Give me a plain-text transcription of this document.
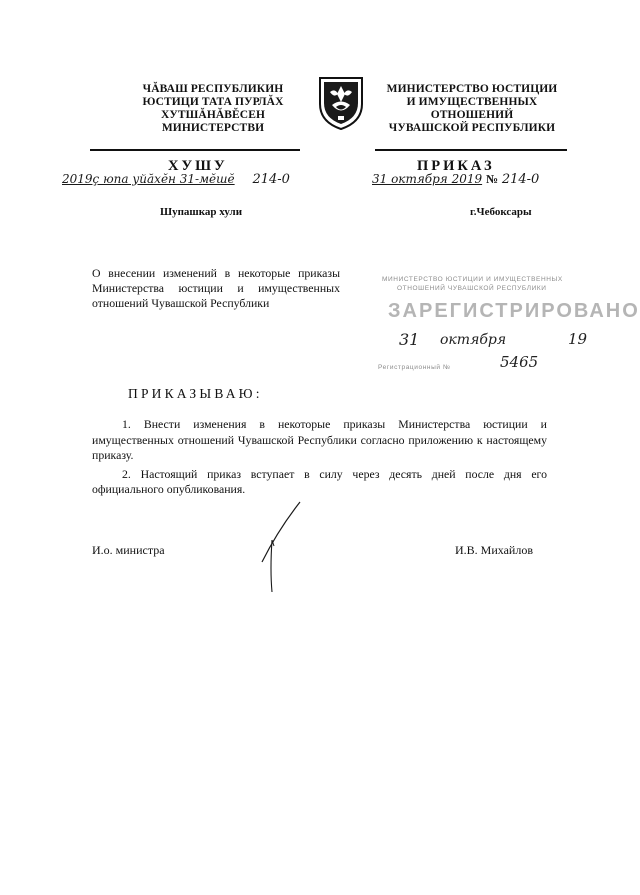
ЧĂВАШ РЕСПУБЛИКИН
ЮСТИЦИ ТАТА ПУРЛĂХ
ХУТШĂНĂВĔСЕН
МИНИСТЕРСТВИ
МИНИСТЕРСТВО ЮСТИЦИИ
И ИМУЩЕСТВЕННЫХ
ОТНОШЕНИЙ
ЧУВАШСКОЙ РЕСПУБЛИКИ
ХУШУ	ПРИКАЗ
2019ç юпа уйăхĕн 31-мĕшĕ 214-0	31 октября 2019 № 214-0
Шупашкар хули	г.Чебоксары
О внесении изменений в некоторые приказы Министерства юстиции и имущественных отношений Чувашской Республики
МИНИСТЕРСТВО ЮСТИЦИИ И ИМУЩЕСТВЕННЫХ
ОТНОШЕНИЙ ЧУВАШСКОЙ РЕСПУБЛИКИ
ЗАРЕГИСТРИРОВАНО
31 октября	19
Регистрационный №	5465
ПРИКАЗЫВАЮ:

1. Внести изменения в некоторые приказы Министерства юстиции и имущественных отношений Чувашской Республики согласно приложению к настоящему приказу.

2. Настоящий приказ вступает в силу через десять дней после дня его официального опубликования.

И.о. министра	И.В. Михайлов
